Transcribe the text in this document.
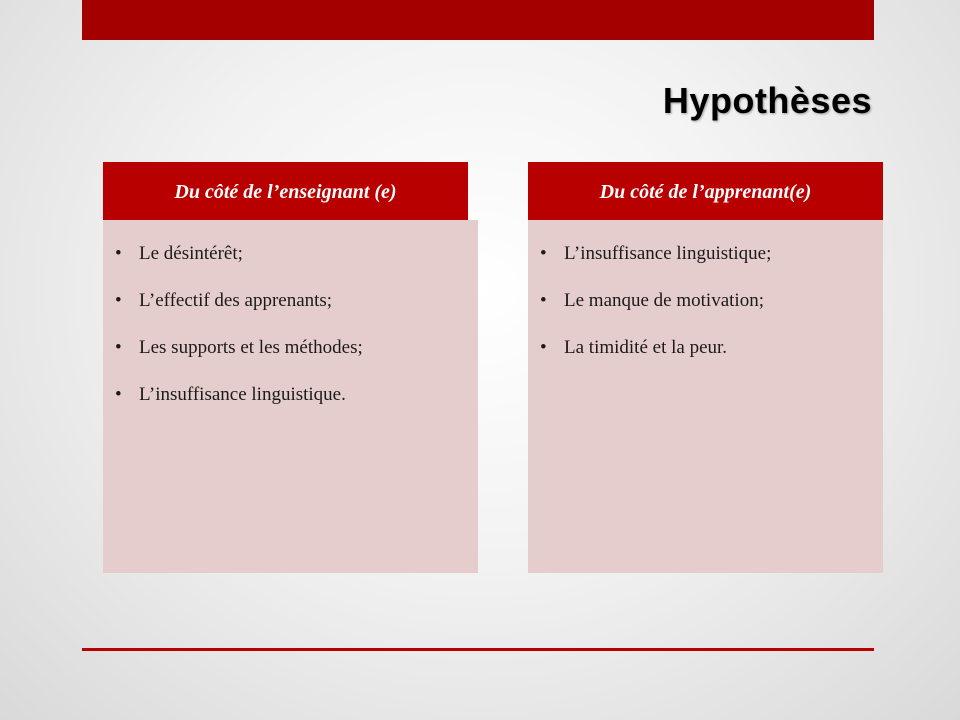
Hypothèses
Du côté de l’enseignant (e)
• Le désintérêt;
• L’effectif des apprenants;
• Les supports et les méthodes;
• L’insuffisance linguistique.
Du côté de l’apprenant(e)
• L’insuffisance linguistique;
• Le manque de motivation;
• La timidité et la peur.
